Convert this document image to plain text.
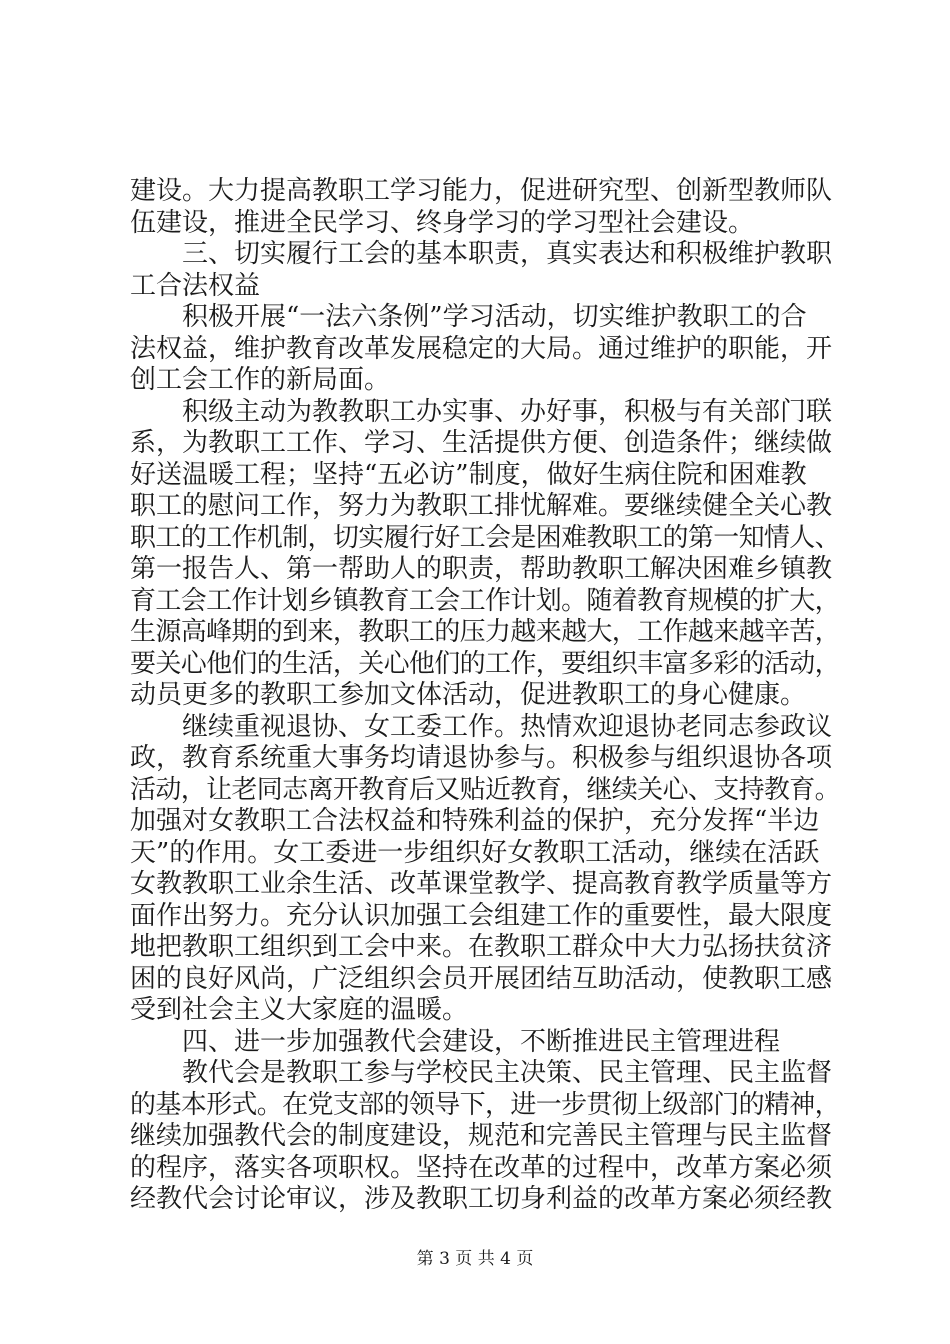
建设。大力提高教职工学习能力，促进研究型、创新型教师队
伍建设，推进全民学习、终身学习的学习型社会建设。
三、切实履行工会的基本职责，真实表达和积极维护教职
工合法权益
积极开展“一法六条例”学习活动，切实维护教职工的合
法权益，维护教育改革发展稳定的大局。通过维护的职能，开
创工会工作的新局面。
积级主动为教教职工办实事、办好事，积极与有关部门联
系，为教职工工作、学习、生活提供方便、创造条件；继续做
好送温暖工程；坚持“五必访”制度，做好生病住院和困难教
职工的慰问工作，努力为教职工排忧解难。要继续健全关心教
职工的工作机制，切实履行好工会是困难教职工的第一知情人、
第一报告人、第一帮助人的职责，帮助教职工解决困难乡镇教
育工会工作计划乡镇教育工会工作计划。随着教育规模的扩大，
生源高峰期的到来，教职工的压力越来越大，工作越来越辛苦，
要关心他们的生活，关心他们的工作，要组织丰富多彩的活动，
动员更多的教职工参加文体活动，促进教职工的身心健康。
继续重视退协、女工委工作。热情欢迎退协老同志参政议
政，教育系统重大事务均请退协参与。积极参与组织退协各项
活动，让老同志离开教育后又贴近教育，继续关心、支持教育。
加强对女教职工合法权益和特殊利益的保护，充分发挥“半边
天”的作用。女工委进一步组织好女教职工活动，继续在活跃
女教教职工业余生活、改革课堂教学、提高教育教学质量等方
面作出努力。充分认识加强工会组建工作的重要性，最大限度
地把教职工组织到工会中来。在教职工群众中大力弘扬扶贫济
困的良好风尚，广泛组织会员开展团结互助活动，使教职工感
受到社会主义大家庭的温暖。
四、进一步加强教代会建设，不断推进民主管理进程
教代会是教职工参与学校民主决策、民主管理、民主监督
的基本形式。在党支部的领导下，进一步贯彻上级部门的精神，
继续加强教代会的制度建设，规范和完善民主管理与民主监督
的程序，落实各项职权。坚持在改革的过程中，改革方案必须
经教代会讨论审议，涉及教职工切身利益的改革方案必须经教
第 3 页 共 4 页
